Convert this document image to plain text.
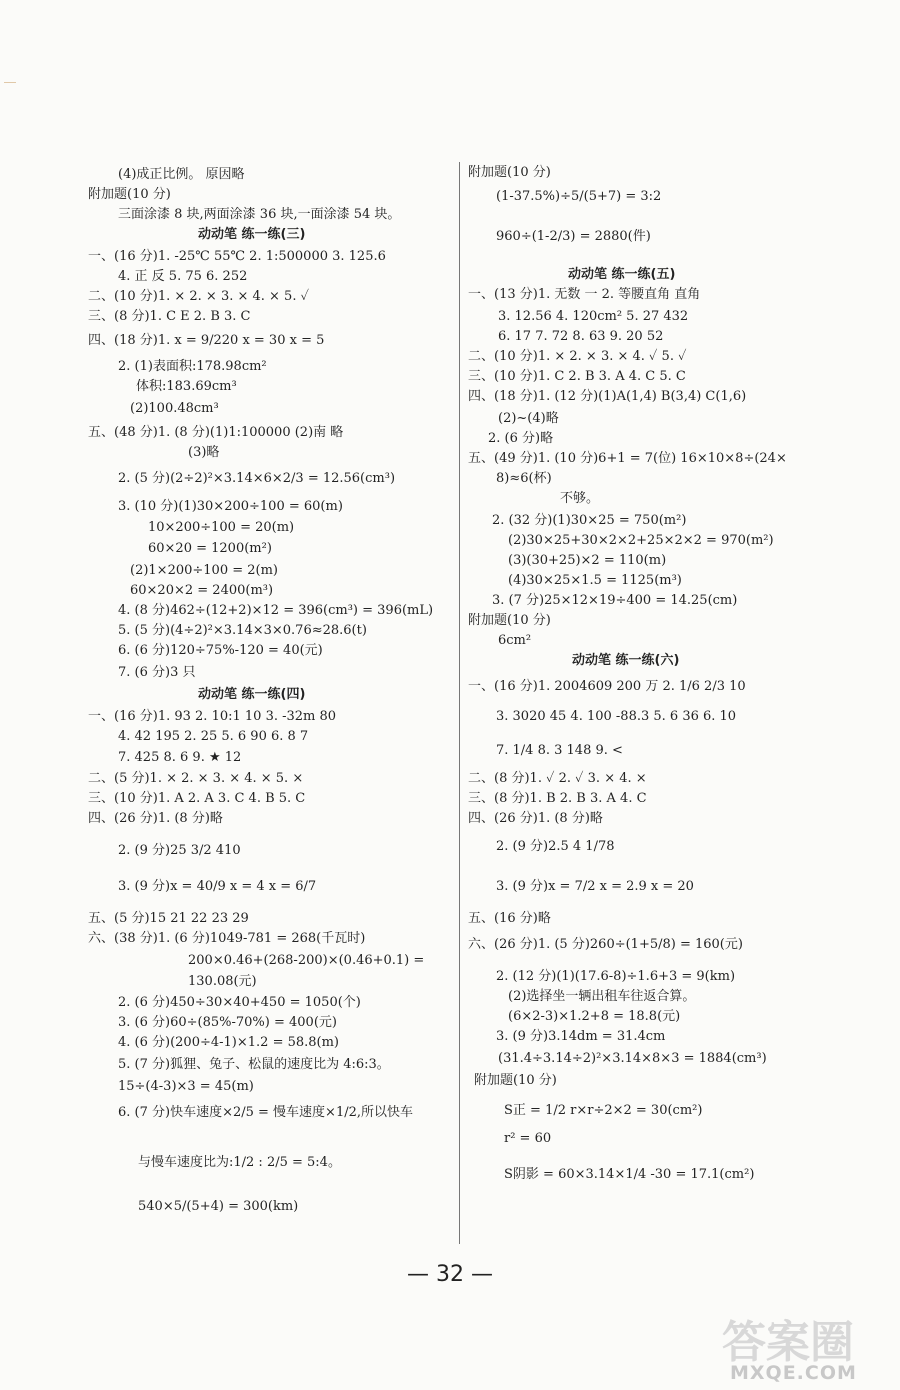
(4)成正比例。 原因略
附加题(10 分)
三面涂漆 8 块,两面涂漆 36 块,一面涂漆 54 块。
动动笔 练一练(三)
一、(16 分)1. -25℃ 55℃ 2. 1:500000 3. 125.6
4. 正 反 5. 75 6. 252
二、(10 分)1. × 2. × 3. × 4. × 5. ✓
三、(8 分)1. C E 2. B 3. C
四、(18 分)1. x = 9/220 x = 30 x = 5
2. (1)表面积:178.98cm²
体积:183.69cm³
(2)100.48cm³
五、(48 分)1. (8 分)(1)1:100000 (2)南 略
(3)略
2. (5 分)(2÷2)²×3.14×6×2/3 = 12.56(cm³)
3. (10 分)(1)30×200÷100 = 60(m)
10×200÷100 = 20(m)
60×20 = 1200(m²)
(2)1×200÷100 = 2(m)
60×20×2 = 2400(m³)
4. (8 分)462÷(12+2)×12 = 396(cm³) = 396(mL)
5. (5 分)(4÷2)²×3.14×3×0.76≈28.6(t)
6. (6 分)120÷75%-120 = 40(元)
7. (6 分)3 只
动动笔 练一练(四)
一、(16 分)1. 93 2. 10:1 10 3. -32m 80
4. 42 195 2. 25 5. 6 90 6. 8 7
7. 425 8. 6 9. ★ 12
二、(5 分)1. × 2. × 3. × 4. × 5. ×
三、(10 分)1. A 2. A 3. C 4. B 5. C
四、(26 分)1. (8 分)略
2. (9 分)25 3/2 410
3. (9 分)x = 40/9 x = 4 x = 6/7
五、(5 分)15 21 22 23 29
六、(38 分)1. (6 分)1049-781 = 268(千瓦时)
200×0.46+(268-200)×(0.46+0.1) =
130.08(元)
2. (6 分)450÷30×40+450 = 1050(个)
3. (6 分)60÷(85%-70%) = 400(元)
4. (6 分)(200÷4-1)×1.2 = 58.8(m)
5. (7 分)狐狸、兔子、松鼠的速度比为 4:6:3。
15÷(4-3)×3 = 45(m)
6. (7 分)快车速度×2/5 = 慢车速度×1/2,所以快车
与慢车速度比为:1/2 : 2/5 = 5:4。
540×5/(5+4) = 300(km)
附加题(10 分)
(1-37.5%)÷5/(5+7) = 3:2
960÷(1-2/3) = 2880(件)
动动笔 练一练(五)
一、(13 分)1. 无数 一 2. 等腰直角 直角
3. 12.56 4. 120cm² 5. 27 432
6. 17 7. 72 8. 63 9. 20 52
二、(10 分)1. × 2. × 3. × 4. ✓ 5. ✓
三、(10 分)1. C 2. B 3. A 4. C 5. C
四、(18 分)1. (12 分)(1)A(1,4) B(3,4) C(1,6)
(2)~(4)略
2. (6 分)略
五、(49 分)1. (10 分)6+1 = 7(位) 16×10×8÷(24×
8)≈6(杯)
不够。
2. (32 分)(1)30×25 = 750(m²)
(2)30×25+30×2×2+25×2×2 = 970(m²)
(3)(30+25)×2 = 110(m)
(4)30×25×1.5 = 1125(m³)
3. (7 分)25×12×19÷400 = 14.25(cm)
附加题(10 分)
6cm²
动动笔 练一练(六)
一、(16 分)1. 2004609 200 万 2. 1/6 2/3 10
3. 3020 45 4. 100 -88.3 5. 6 36 6. 10
7. 1/4 8. 3 148 9. <
二、(8 分)1. ✓ 2. ✓ 3. × 4. ×
三、(8 分)1. B 2. B 3. A 4. C
四、(26 分)1. (8 分)略
2. (9 分)2.5 4 1/78
3. (9 分)x = 7/2 x = 2.9 x = 20
五、(16 分)略
六、(26 分)1. (5 分)260÷(1+5/8) = 160(元)
2. (12 分)(1)(17.6-8)÷1.6+3 = 9(km)
(2)选择坐一辆出租车往返合算。
(6×2-3)×1.2+8 = 18.8(元)
3. (9 分)3.14dm = 31.4cm
(31.4÷3.14÷2)²×3.14×8×3 = 1884(cm³)
附加题(10 分)
S正 = 1/2 r×r÷2×2 = 30(cm²)
r² = 60
S阴影 = 60×3.14×1/4 -30 = 17.1(cm²)
— 32 —
答案圈
MXQE.COM
